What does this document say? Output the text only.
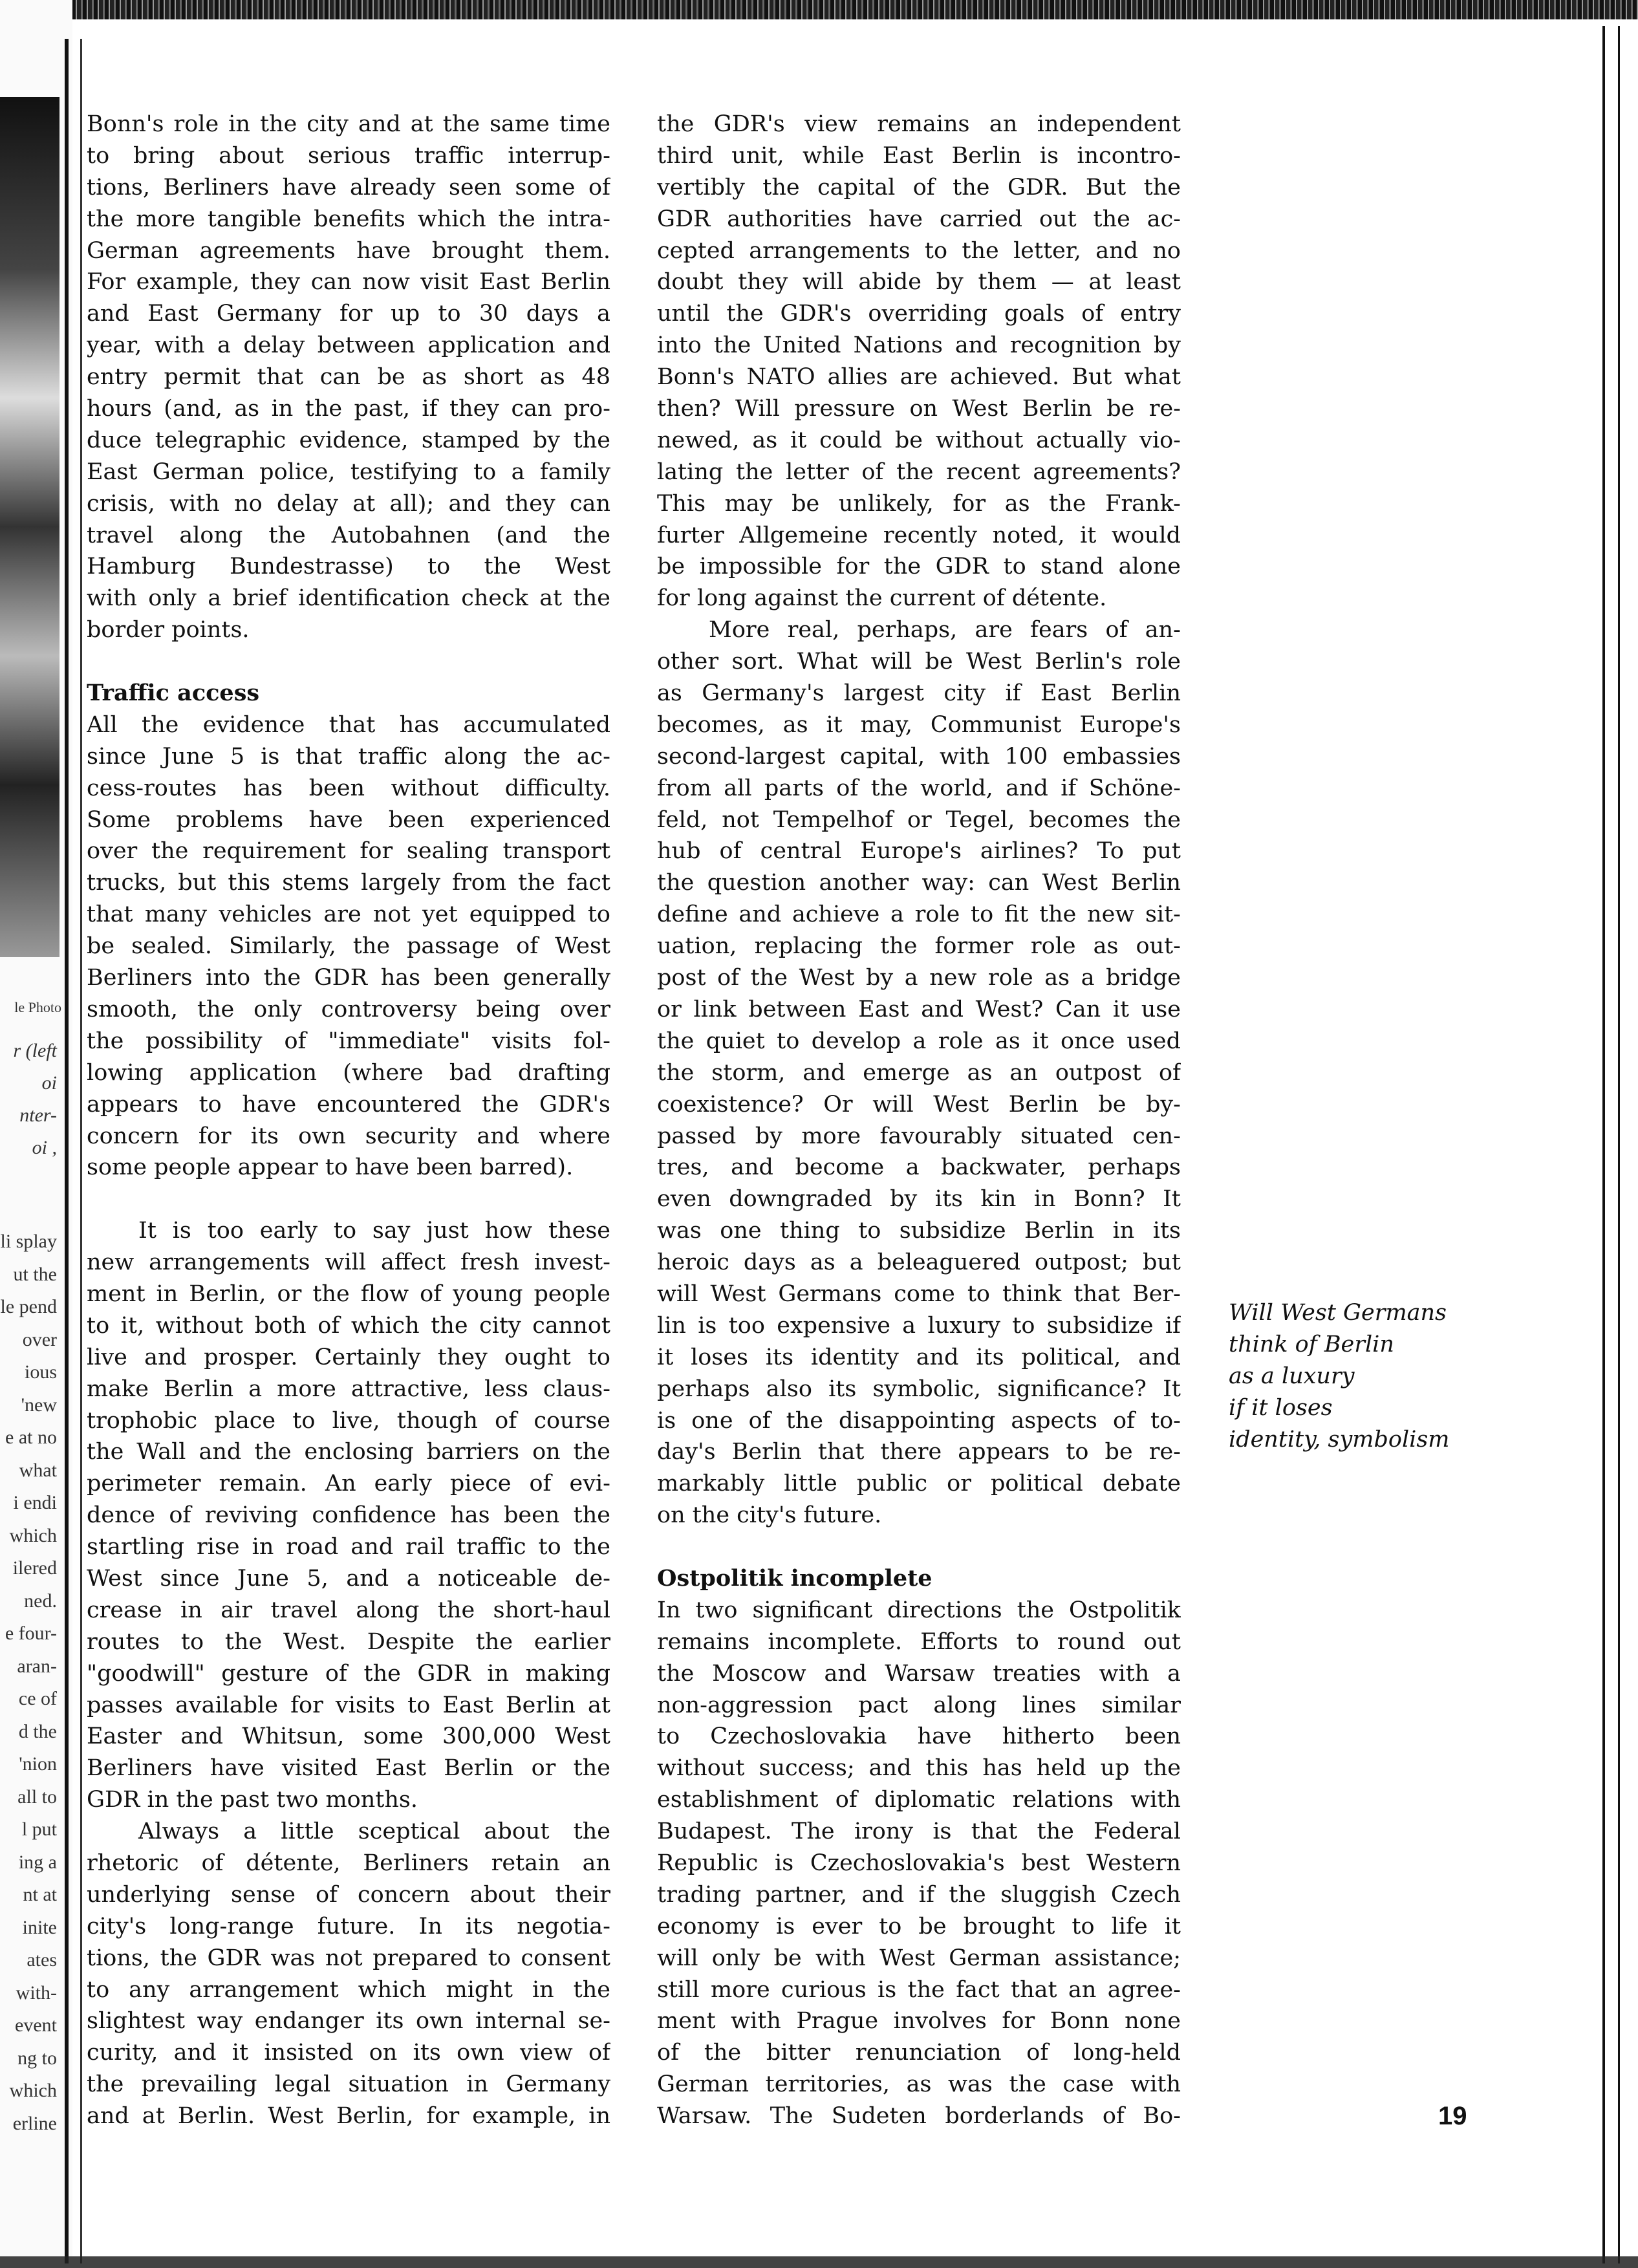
le Photo
r (left
oi nter-
oi ,
li splay
ut the
le pend
over
ious
'new
e at no
what
i endi
which
ilered
ned.
e four-
aran-
ce of
d the
'nion
all to
l put
ing a
nt at
inite
ates
with-
event
ng to
which
erline
Bonn's role in the city and at the same time
to bring about serious traffic interrup-
tions, Berliners have already seen some of
the more tangible benefits which the intra-
German agreements have brought them.
For example, they can now visit East Berlin
and East Germany for up to 30 days a
year, with a delay between application and
entry permit that can be as short as 48
hours (and, as in the past, if they can pro-
duce telegraphic evidence, stamped by the
East German police, testifying to a family
crisis, with no delay at all); and they can
travel along the Autobahnen (and the
Hamburg Bundestrasse) to the West
with only a brief identification check at the
border points.
Traffic access
All the evidence that has accumulated
since June 5 is that traffic along the ac-
cess-routes has been without difficulty.
Some problems have been experienced
over the requirement for sealing transport
trucks, but this stems largely from the fact
that many vehicles are not yet equipped to
be sealed. Similarly, the passage of West
Berliners into the GDR has been generally
smooth, the only controversy being over
the possibility of "immediate" visits fol-
lowing application (where bad drafting
appears to have encountered the GDR's
concern for its own security and where
some people appear to have been barred).
It is too early to say just how these
new arrangements will affect fresh invest-
ment in Berlin, or the flow of young people
to it, without both of which the city cannot
live and prosper. Certainly they ought to
make Berlin a more attractive, less claus-
trophobic place to live, though of course
the Wall and the enclosing barriers on the
perimeter remain. An early piece of evi-
dence of reviving confidence has been the
startling rise in road and rail traffic to the
West since June 5, and a noticeable de-
crease in air travel along the short-haul
routes to the West. Despite the earlier
"goodwill" gesture of the GDR in making
passes available for visits to East Berlin at
Easter and Whitsun, some 300,000 West
Berliners have visited East Berlin or the
GDR in the past two months.
Always a little sceptical about the
rhetoric of détente, Berliners retain an
underlying sense of concern about their
city's long-range future. In its negotia-
tions, the GDR was not prepared to consent
to any arrangement which might in the
slightest way endanger its own internal se-
curity, and it insisted on its own view of
the prevailing legal situation in Germany
and at Berlin. West Berlin, for example, in
the GDR's view remains an independent
third unit, while East Berlin is incontro-
vertibly the capital of the GDR. But the
GDR authorities have carried out the ac-
cepted arrangements to the letter, and no
doubt they will abide by them — at least
until the GDR's overriding goals of entry
into the United Nations and recognition by
Bonn's NATO allies are achieved. But what
then? Will pressure on West Berlin be re-
newed, as it could be without actually vio-
lating the letter of the recent agreements?
This may be unlikely, for as the Frank-
furter Allgemeine recently noted, it would
be impossible for the GDR to stand alone
for long against the current of détente.
More real, perhaps, are fears of an-
other sort. What will be West Berlin's role
as Germany's largest city if East Berlin
becomes, as it may, Communist Europe's
second-largest capital, with 100 embassies
from all parts of the world, and if Schöne-
feld, not Tempelhof or Tegel, becomes the
hub of central Europe's airlines? To put
the question another way: can West Berlin
define and achieve a role to fit the new sit-
uation, replacing the former role as out-
post of the West by a new role as a bridge
or link between East and West? Can it use
the quiet to develop a role as it once used
the storm, and emerge as an outpost of
coexistence? Or will West Berlin be by-
passed by more favourably situated cen-
tres, and become a backwater, perhaps
even downgraded by its kin in Bonn? It
was one thing to subsidize Berlin in its
heroic days as a beleaguered outpost; but
will West Germans come to think that Ber-
lin is too expensive a luxury to subsidize if
it loses its identity and its political, and
perhaps also its symbolic, significance? It
is one of the disappointing aspects of to-
day's Berlin that there appears to be re-
markably little public or political debate
on the city's future.
Ostpolitik incomplete
In two significant directions the Ostpolitik
remains incomplete. Efforts to round out
the Moscow and Warsaw treaties with a
non-aggression pact along lines similar
to Czechoslovakia have hitherto been
without success; and this has held up the
establishment of diplomatic relations with
Budapest. The irony is that the Federal
Republic is Czechoslovakia's best Western
trading partner, and if the sluggish Czech
economy is ever to be brought to life it
will only be with West German assistance;
still more curious is the fact that an agree-
ment with Prague involves for Bonn none
of the bitter renunciation of long-held
German territories, as was the case with
Warsaw. The Sudeten borderlands of Bo-
Will West Germans
think of Berlin
as a luxury
if it loses
identity, symbolism
19
